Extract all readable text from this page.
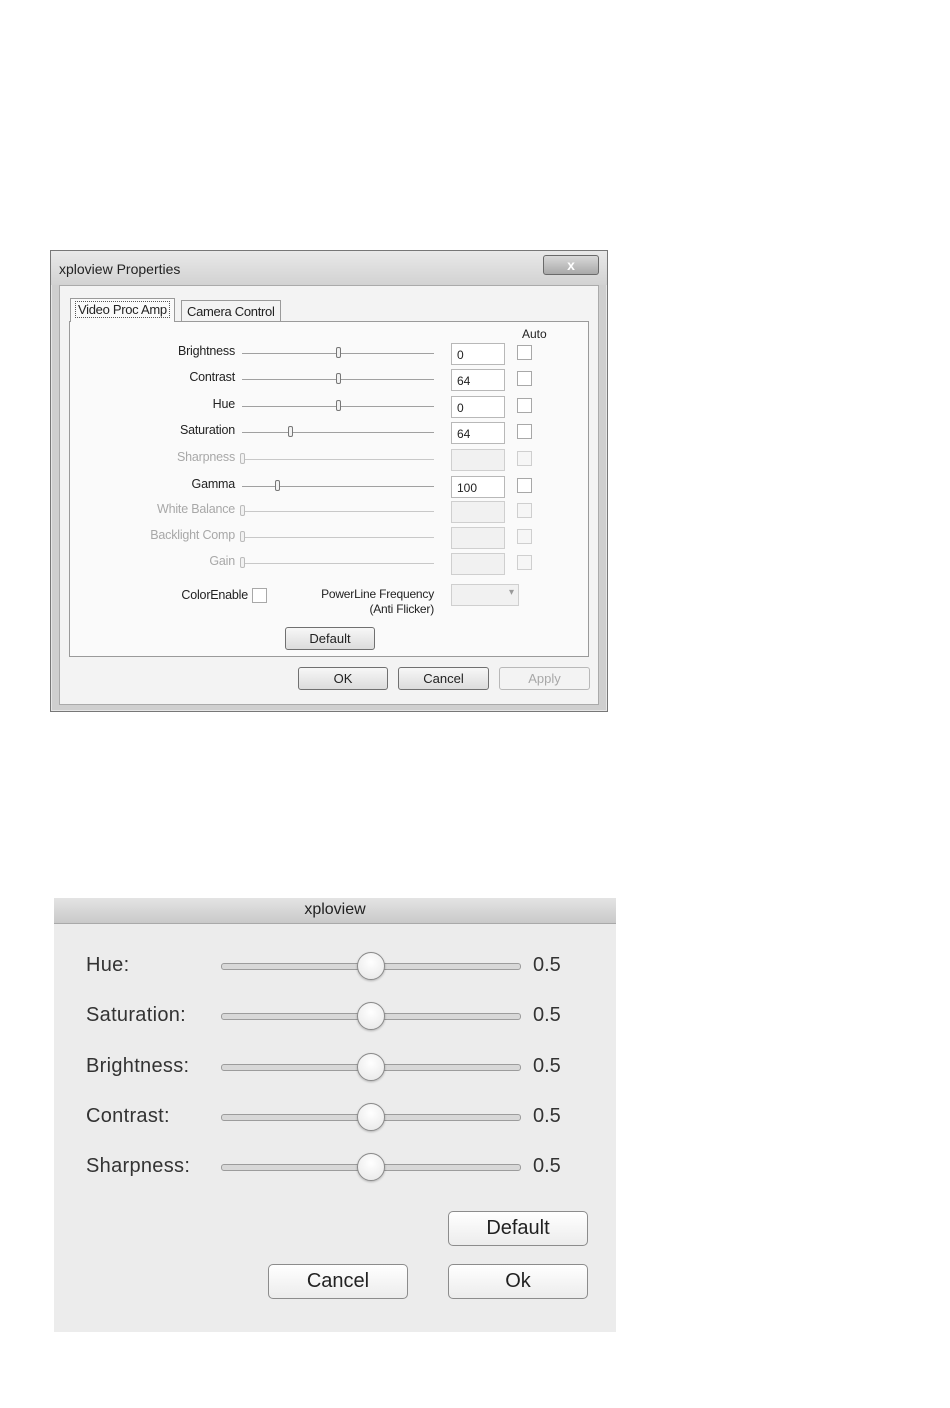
xploview Properties	x
Video Proc Amp	Camera Control
Auto
Brightness	0
Contrast	64
Hue	0
Saturation	64
Sharpness
Gamma	100
White Balance
Backlight Comp
Gain
ColorEnable	PowerLine Frequency
(Anti Flicker)
▾
Default
OK	Cancel	Apply
xploview
Hue:	0.5
Saturation:	0.5
Brightness:	0.5
Contrast:	0.5
Sharpness:	0.5
Default
Cancel	Ok
